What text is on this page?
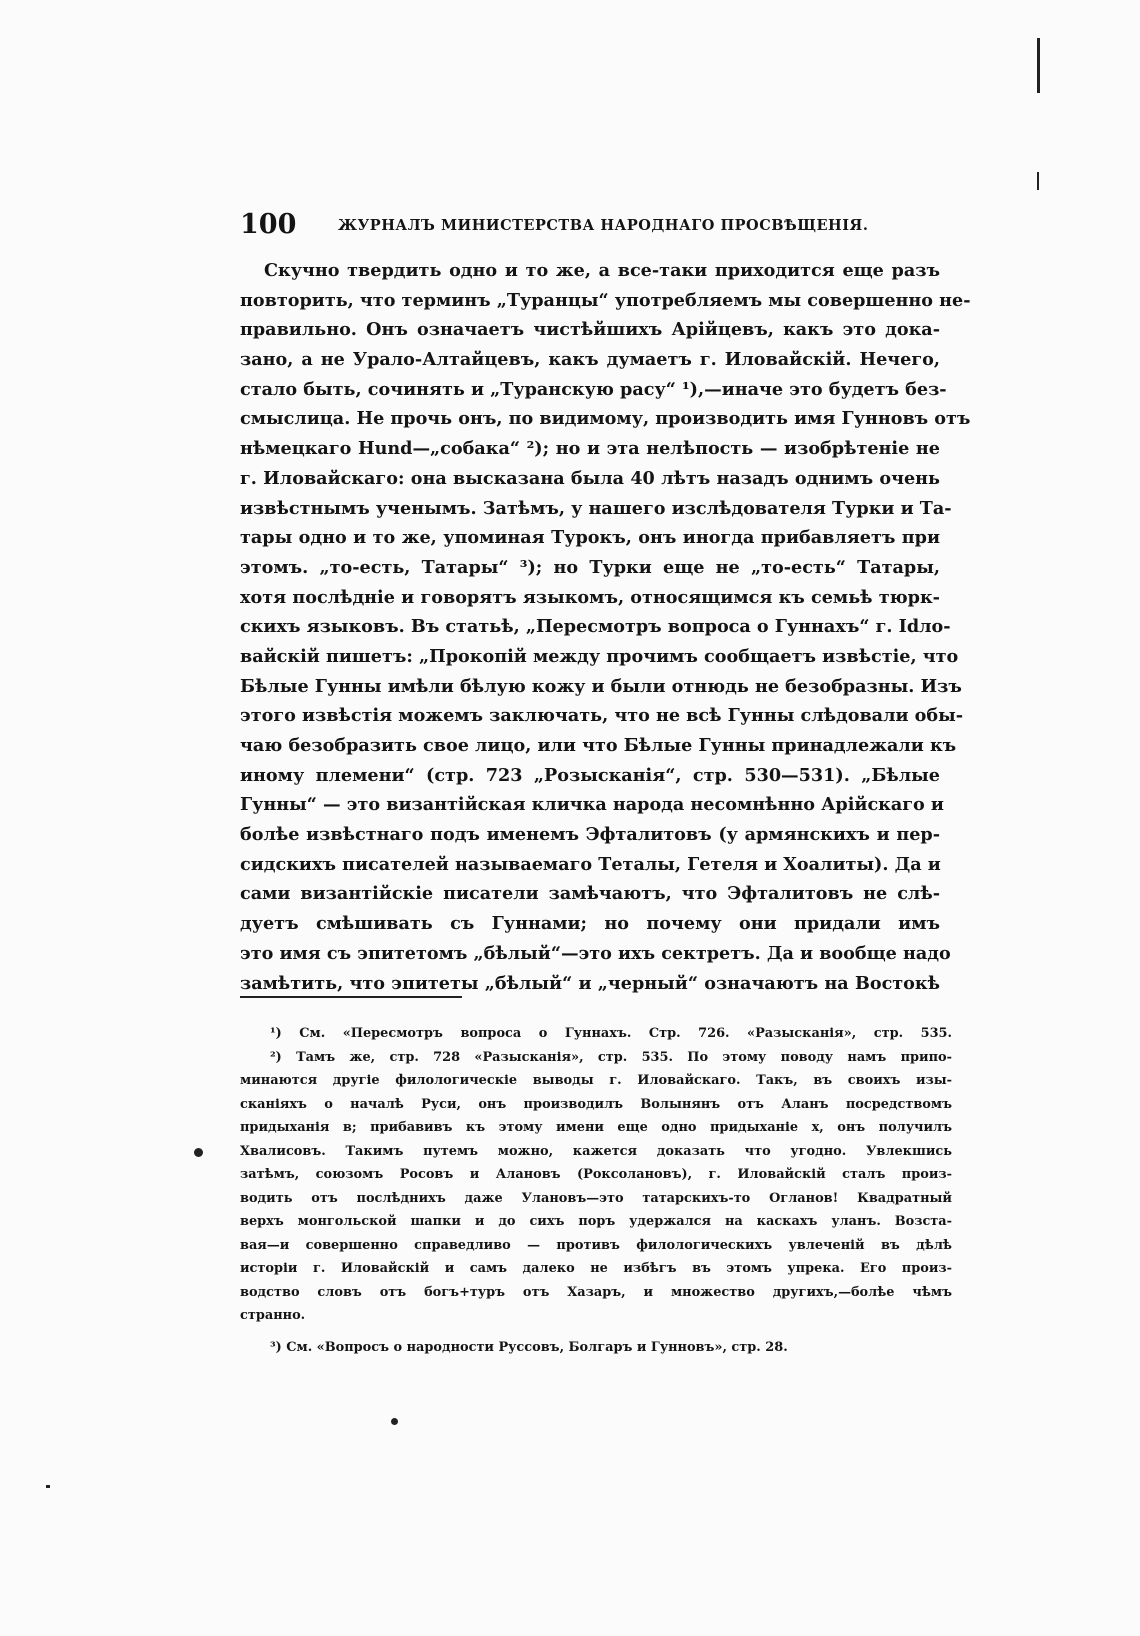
100	ЖУРНАЛЪ МИНИСТЕРСТВА НАРОДНАГО ПРОСВѢЩЕНІЯ.
Скучно твердить одно и то же, а все-таки приходится еще разъ
повторить, что терминъ „Туранцы“ употребляемъ мы совершенно не-
правильно. Онъ означаетъ чистѣйшихъ Арійцевъ, какъ это дока-
зано, а не Урало-Алтайцевъ, какъ думаетъ г. Иловайскій. Нечего,
стало быть, сочинять и „Туранскую расу“ ¹),—иначе это будетъ без-
смыслица. Не прочь онъ, по видимому, производить имя Гунновъ отъ
нѣмецкаго Hund—„собака“ ²); но и эта нелѣпость — изобрѣтеніе не
г. Иловайскаго: она высказана была 40 лѣтъ назадъ однимъ очень
извѣстнымъ ученымъ. Затѣмъ, у нашего изслѣдователя Турки и Та-
тары одно и то же, упоминая Турокъ, онъ иногда прибавляетъ при
этомъ. „то-есть, Татары“ ³); но Турки еще не „то-есть“ Татары,
хотя послѣдніе и говорятъ языкомъ, относящимся къ семьѣ тюрк-
скихъ языковъ. Въ статьѣ, „Пересмотръ вопроса о Гуннахъ“ г. Idло-
вайскій пишетъ: „Прокопій между прочимъ сообщаетъ извѣстіе, что
Бѣлые Гунны имѣли бѣлую кожу и были отнюдь не безобразны. Изъ
этого извѣстія можемъ заключать, что не всѣ Гунны слѣдовали обы-
чаю безобразить свое лицо, или что Бѣлые Гунны принадлежали къ
иному племени“ (стр. 723 „Розысканія“, стр. 530—531). „Бѣлые
Гунны“ — это византійская кличка народа несомнѣнно Арійскаго и
болѣе извѣстнаго подъ именемъ Эфталитовъ (у армянскихъ и пер-
сидскихъ писателей называемаго Теталы, Гетеля и Хоалиты). Да и
сами византійскіе писатели замѣчаютъ, что Эфталитовъ не слѣ-
дуетъ смѣшивать съ Гуннами; но почему они придали имъ
это имя съ эпитетомъ „бѣлый“—это ихъ сектретъ. Да и вообще надо
замѣтить, что эпитеты „бѣлый“ и „черный“ означаютъ на Востокѣ
¹) См. «Пересмотръ вопроса о Гуннахъ. Стр. 726. «Разысканія», стр. 535.
²) Тамъ же, стр. 728 «Разысканія», стр. 535. По этому поводу намъ припо-
минаются другіе филологическіе выводы г. Иловайскаго. Такъ, въ своихъ изы-
сканіяхъ о началѣ Руси, онъ производилъ Волынянъ отъ Аланъ посредствомъ
придыханія в; прибавивъ къ этому имени еще одно придыханіе х, онъ получилъ
Хвалисовъ. Такимъ путемъ можно, кажется доказать что угодно. Увлекшись
затѣмъ, союзомъ Росовъ и Алановъ (Роксолановъ), г. Иловайскій сталъ произ-
водить отъ послѣднихъ даже Улановъ—это татарскихъ-то Огланов! Квадратный
верхъ монгольской шапки и до сихъ поръ удержался на каскахъ уланъ. Возста-
вая—и совершенно справедливо — противъ филологическихъ увлеченій въ дѣлѣ
исторіи г. Иловайскій и самъ далеко не избѣгъ въ этомъ упрека. Его произ-
водство словъ отъ богъ+туръ отъ Хазаръ, и множество другихъ,—болѣе чѣмъ
странно.
³) См. «Вопросъ о народности Руссовъ, Болгаръ и Гунновъ», стр. 28.
